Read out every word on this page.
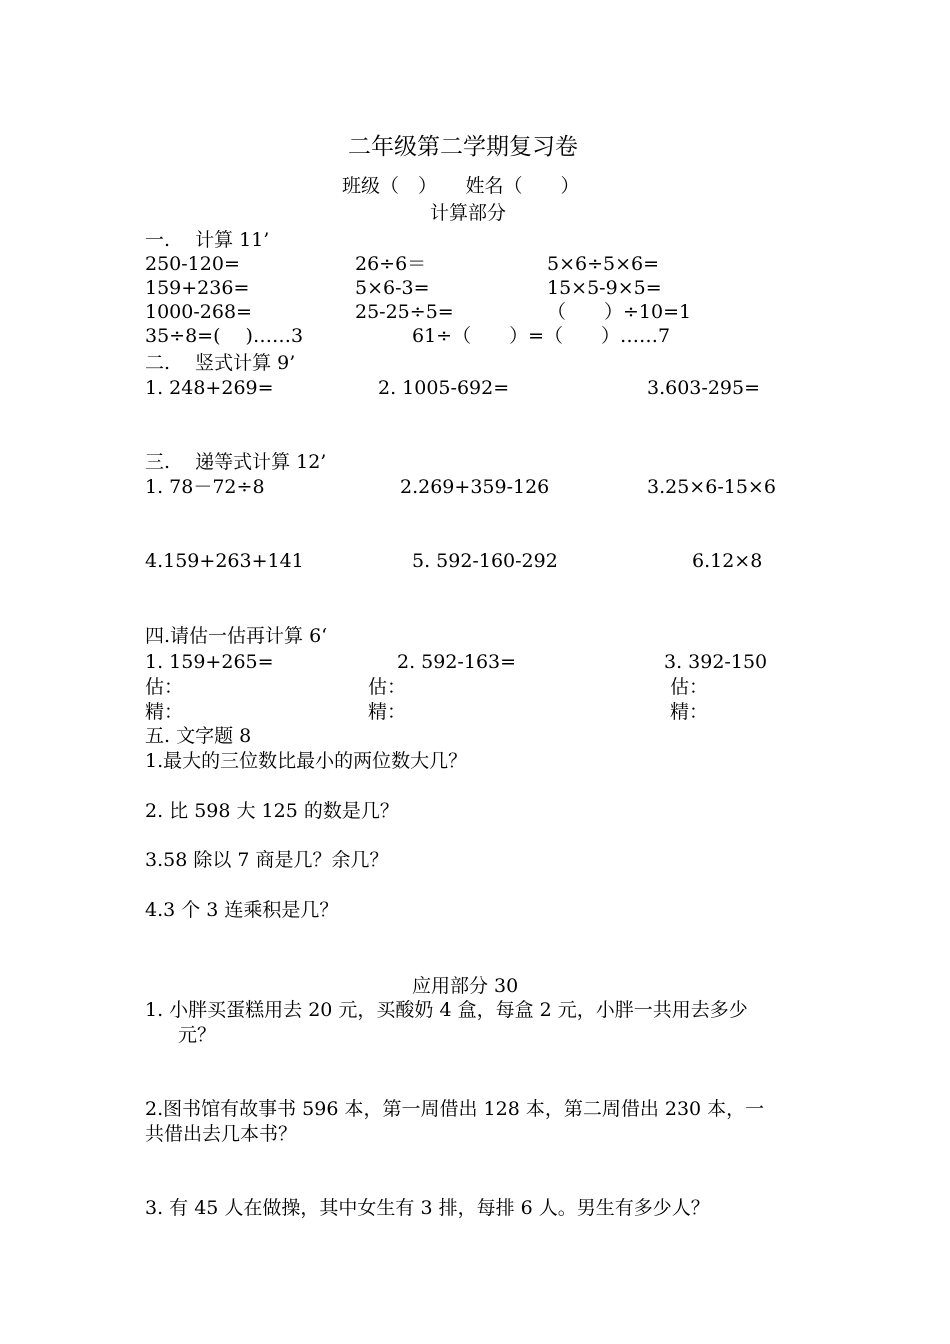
二年级第二学期复习卷
班级（　）　　姓名（　　）
计算部分
一.　 计算 11’
250-120=	26÷6＝	5×6÷5×6=
159+236=	5×6-3=	15×5-9×5=
1000-268=	25-25÷5=	（　　）÷10=1
35÷8=(　 )……3	61÷（　　）=（　　）……7
二.　 竖式计算 9’
1. 248+269=	2. 1005-692=	3.603-295=
三.　 递等式计算 12’
1. 78－72÷8	2.269+359-126	3.25×6-15×6
4.159+263+141	5. 592-160-292	6.12×8
四.请估一估再计算 6‘
1. 159+265=	2. 592-163=	3. 392-150
估：	估：	估：
精：	精：	精：
五. 文字题 8
1.最大的三位数比最小的两位数大几？
2. 比 598 大 125 的数是几？
3.58 除以 7 商是几？余几？
4.3 个 3 连乘积是几？
应用部分 30
1. 小胖买蛋糕用去 20 元，买酸奶 4 盒，每盒 2 元，小胖一共用去多少
元？
2.图书馆有故事书 596 本，第一周借出 128 本，第二周借出 230 本，一
共借出去几本书？
3. 有 45 人在做操，其中女生有 3 排，每排 6 人。男生有多少人？
